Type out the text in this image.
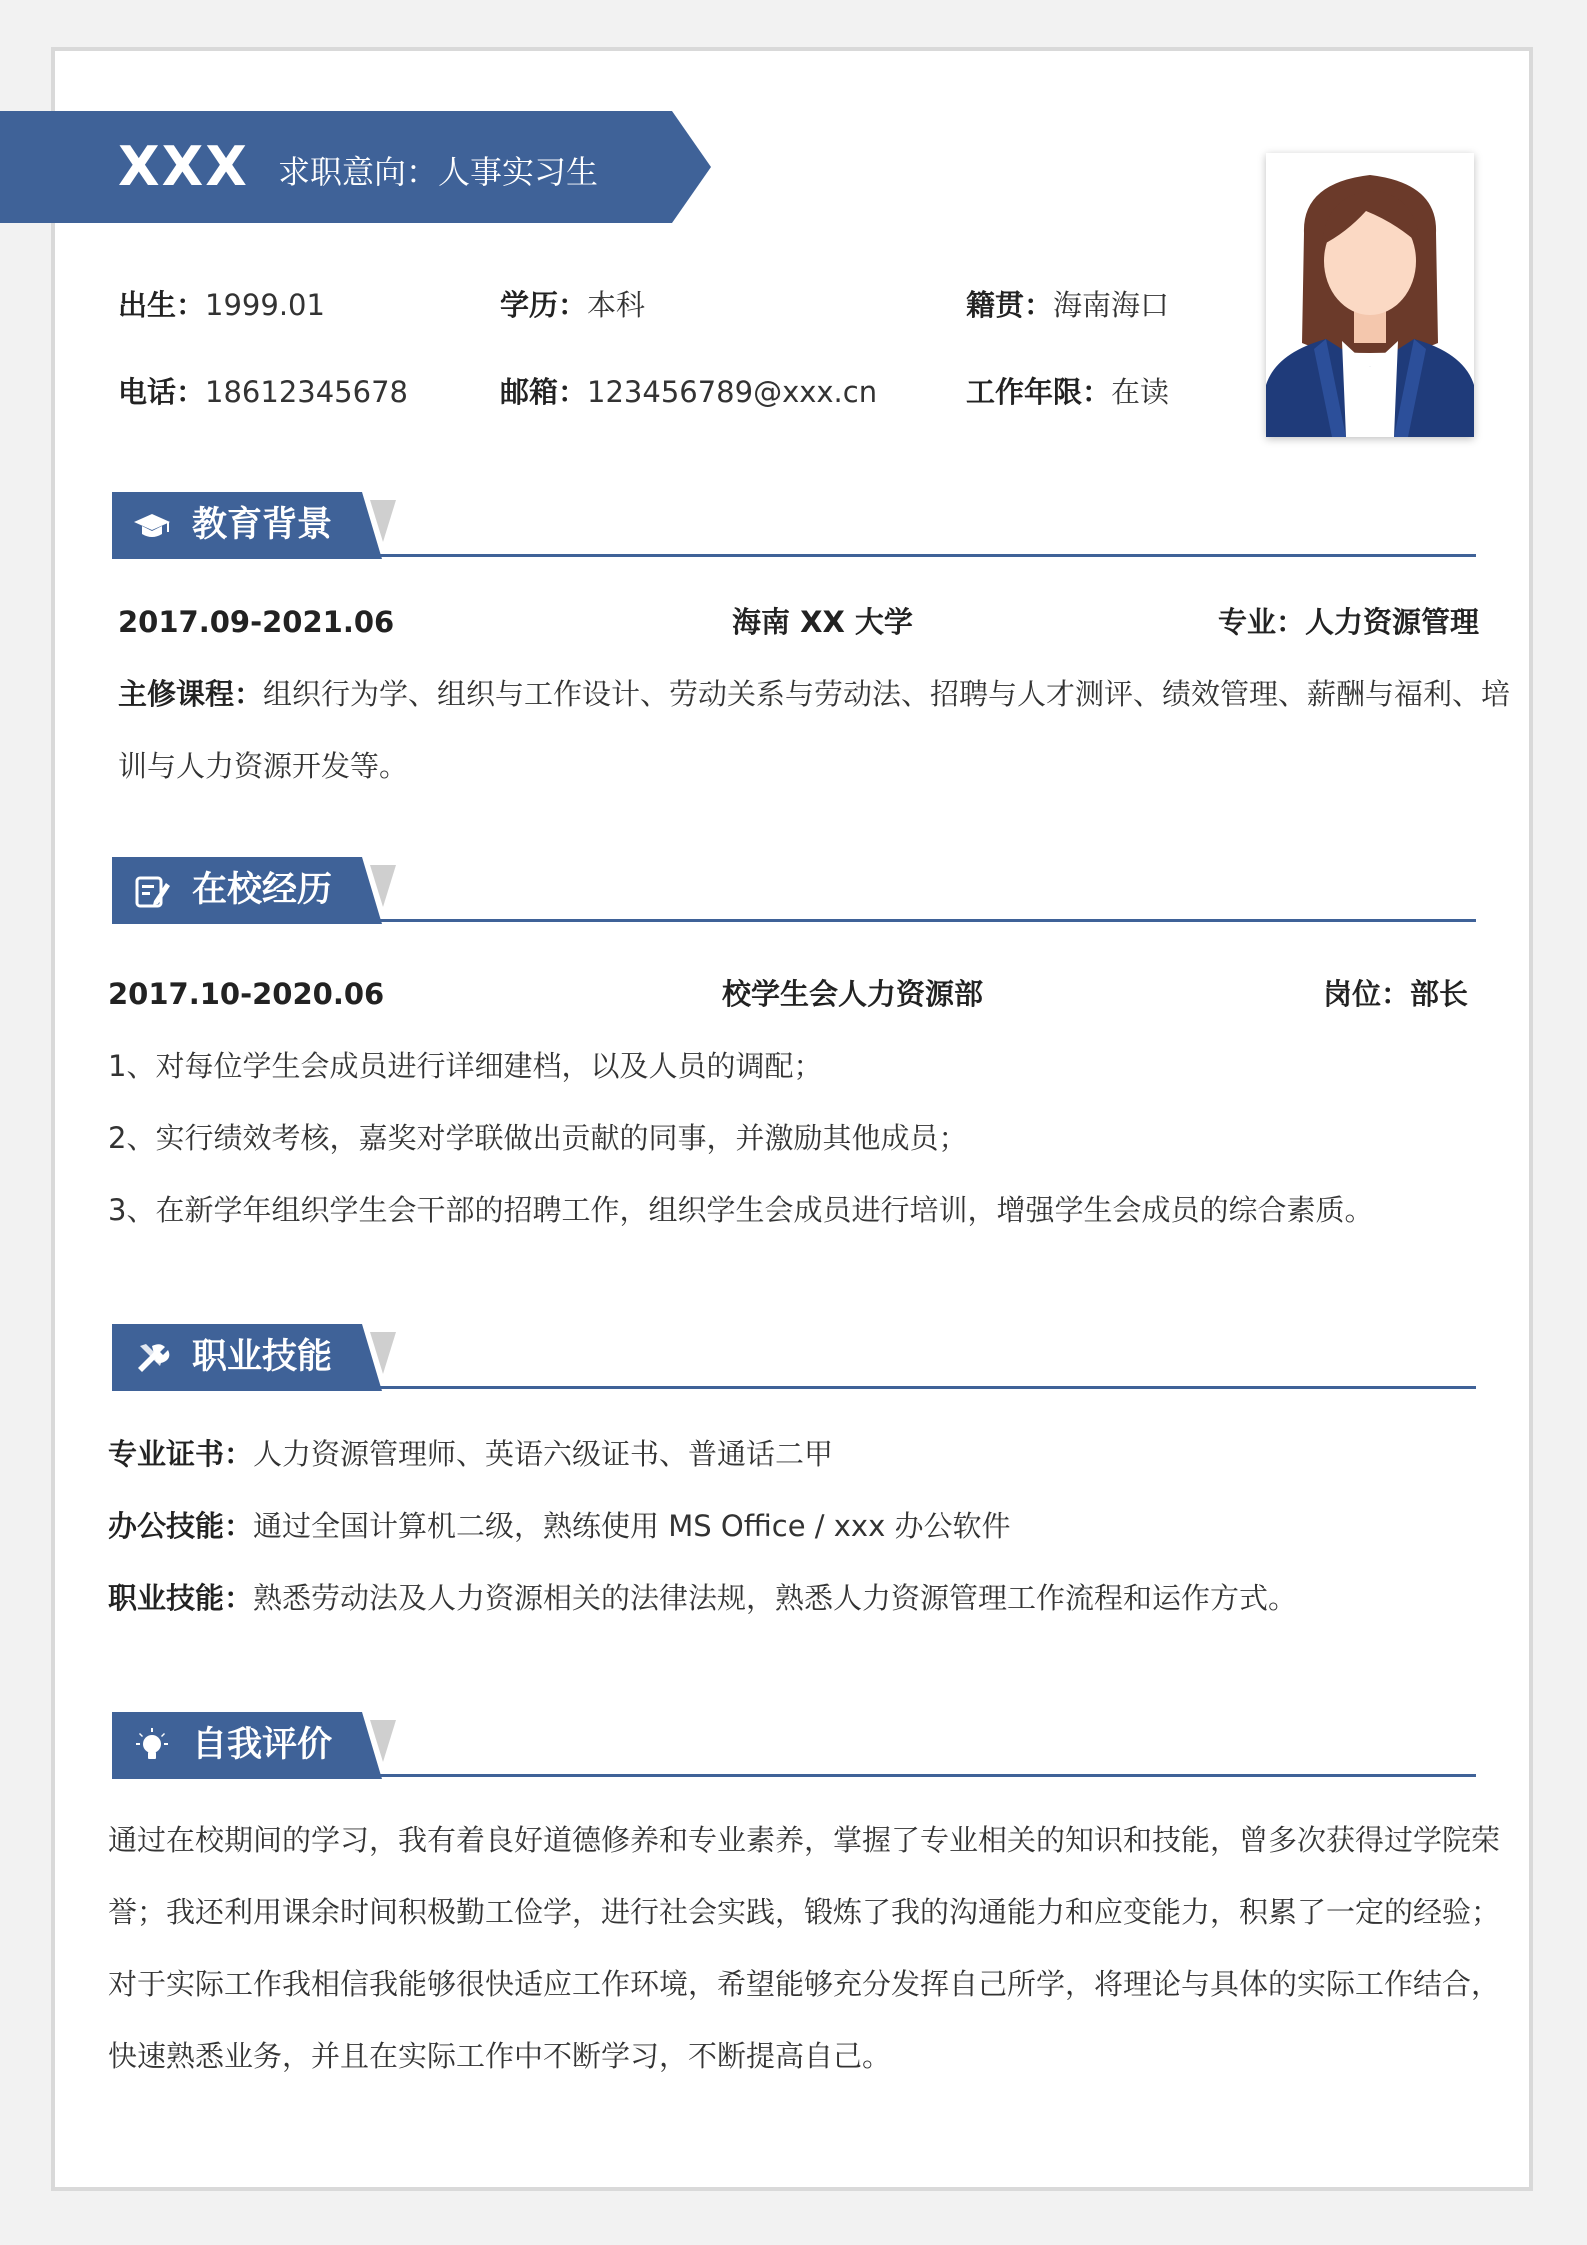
XXX 求职意向：人事实习生
出生：1999.01	学历：本科	籍贯：海南海口
电话：18612345678	邮箱：123456789@xxx.cn	工作年限：在读
教育背景
2017.09-2021.06	海南 XX 大学	专业：人力资源管理
主修课程：组织行为学、组织与工作设计、劳动关系与劳动法、招聘与人才测评、绩效管理、薪酬与福利、培
训与人力资源开发等。
在校经历
2017.10-2020.06	校学生会人力资源部	岗位：部长
1、对每位学生会成员进行详细建档，以及人员的调配；
2、实行绩效考核，嘉奖对学联做出贡献的同事，并激励其他成员；
3、在新学年组织学生会干部的招聘工作，组织学生会成员进行培训，增强学生会成员的综合素质。
职业技能
专业证书：人力资源管理师、英语六级证书、普通话二甲
办公技能：通过全国计算机二级，熟练使用 MS Office / xxx 办公软件
职业技能：熟悉劳动法及人力资源相关的法律法规，熟悉人力资源管理工作流程和运作方式。
自我评价
通过在校期间的学习，我有着良好道德修养和专业素养，掌握了专业相关的知识和技能，曾多次获得过学院荣
誉；我还利用课余时间积极勤工俭学，进行社会实践，锻炼了我的沟通能力和应变能力，积累了一定的经验；
对于实际工作我相信我能够很快适应工作环境，希望能够充分发挥自己所学，将理论与具体的实际工作结合，
快速熟悉业务，并且在实际工作中不断学习，不断提高自己。
